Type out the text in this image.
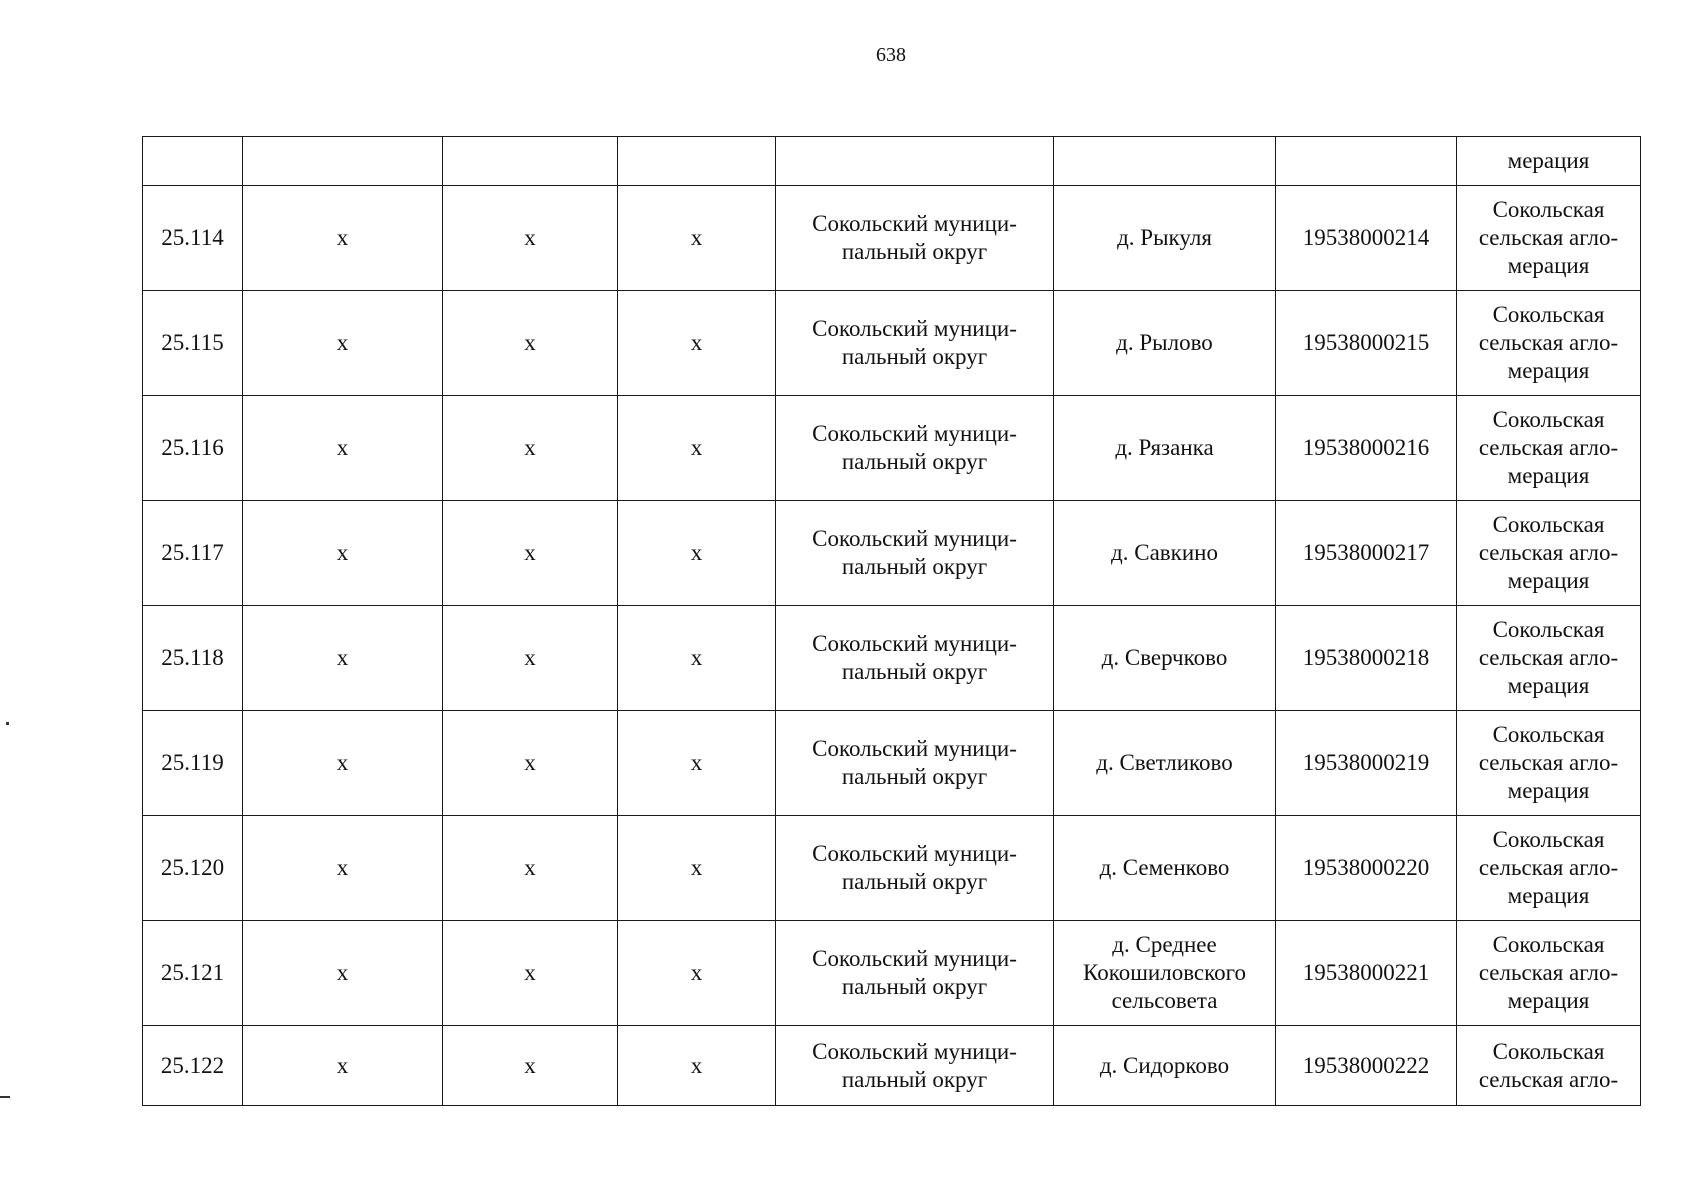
638
							мерация
25.114	x	x	x	Сокольский муници-
пальный округ	д. Рыкуля	19538000214	Сокольская
сельская агло-
мерация
25.115	x	x	x	Сокольский муници-
пальный округ	д. Рылово	19538000215	Сокольская
сельская агло-
мерация
25.116	x	x	x	Сокольский муници-
пальный округ	д. Рязанка	19538000216	Сокольская
сельская агло-
мерация
25.117	x	x	x	Сокольский муници-
пальный округ	д. Савкино	19538000217	Сокольская
сельская агло-
мерация
25.118	x	x	x	Сокольский муници-
пальный округ	д. Сверчково	19538000218	Сокольская
сельская агло-
мерация
25.119	x	x	x	Сокольский муници-
пальный округ	д. Светликово	19538000219	Сокольская
сельская агло-
мерация
25.120	x	x	x	Сокольский муници-
пальный округ	д. Семенково	19538000220	Сокольская
сельская агло-
мерация
25.121	x	x	x	Сокольский муници-
пальный округ	д. Среднее
Кокошиловского
сельсовета	19538000221	Сокольская
сельская агло-
мерация
25.122	x	x	x	Сокольский муници-
пальный округ	д. Сидорково	19538000222	Сокольская
сельская агло-
